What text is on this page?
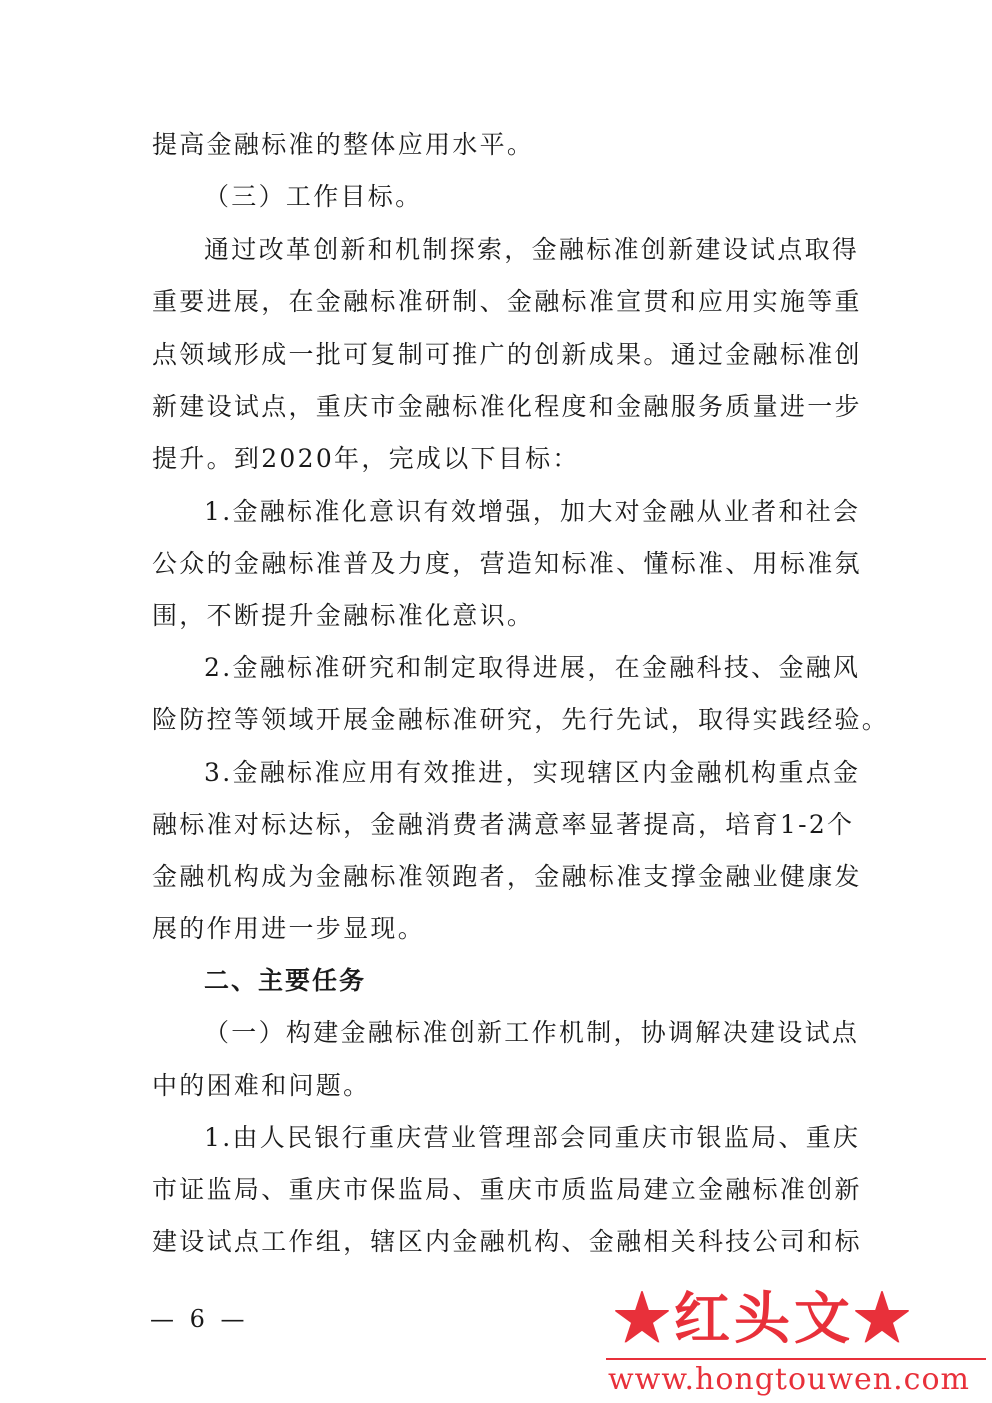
提高金融标准的整体应用水平。
（三）工作目标。
通过改革创新和机制探索，金融标准创新建设试点取得
重要进展，在金融标准研制、金融标准宣贯和应用实施等重
点领域形成一批可复制可推广的创新成果。通过金融标准创
新建设试点，重庆市金融标准化程度和金融服务质量进一步
提升。到2020年，完成以下目标：
1.金融标准化意识有效增强，加大对金融从业者和社会
公众的金融标准普及力度，营造知标准、懂标准、用标准氛
围，不断提升金融标准化意识。
2.金融标准研究和制定取得进展，在金融科技、金融风
险防控等领域开展金融标准研究，先行先试，取得实践经验。
3.金融标准应用有效推进，实现辖区内金融机构重点金
融标准对标达标，金融消费者满意率显著提高，培育1-2个
金融机构成为金融标准领跑者，金融标准支撑金融业健康发
展的作用进一步显现。
二、主要任务
（一）构建金融标准创新工作机制，协调解决建设试点
中的困难和问题。
1.由人民银行重庆营业管理部会同重庆市银监局、重庆
市证监局、重庆市保监局、重庆市质监局建立金融标准创新
建设试点工作组，辖区内金融机构、金融相关科技公司和标
— 6 —	★红头文★
www.hongtouwen.com
